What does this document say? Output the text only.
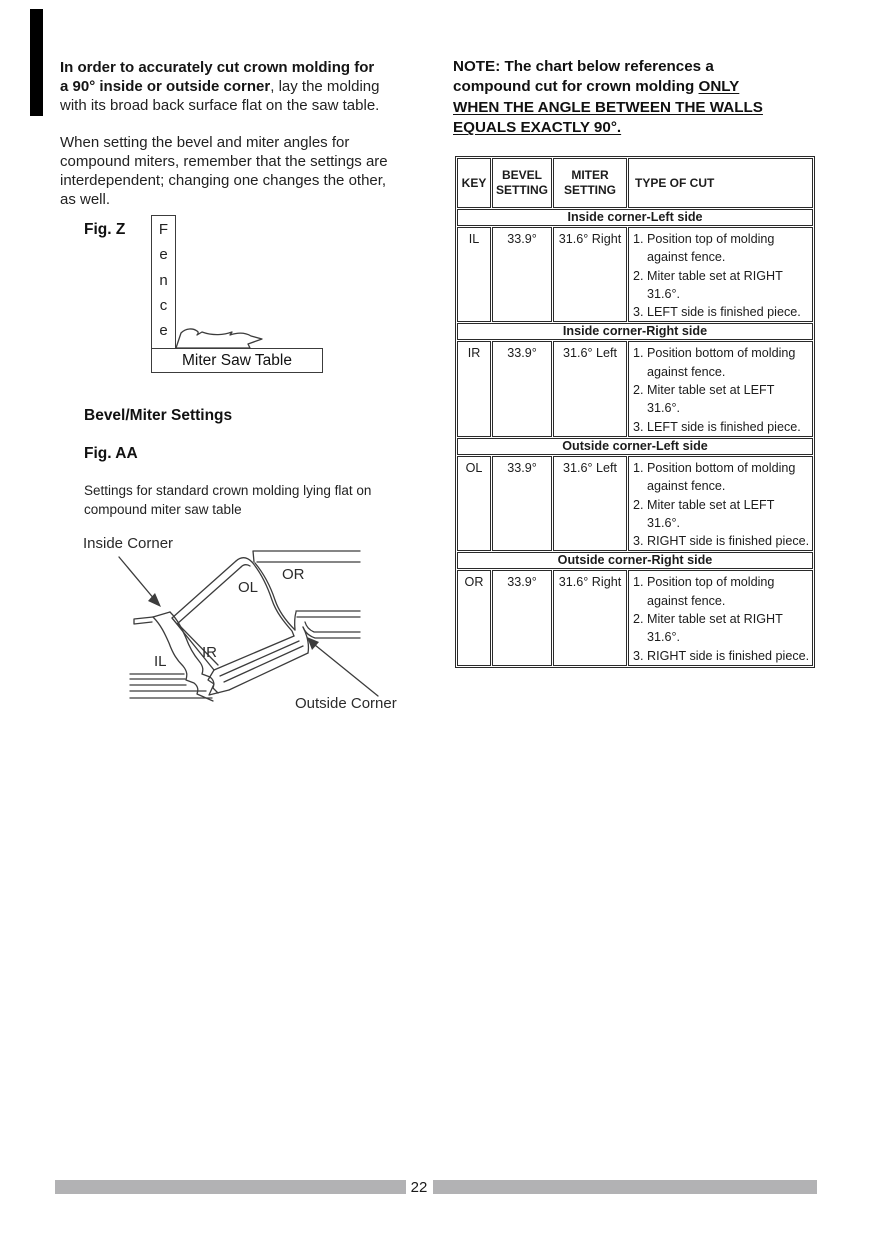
In order to accurately cut crown molding for
a 90° inside or outside corner, lay the molding
with its broad back surface flat on the saw table.
When setting the bevel and miter angles for
compound miters, remember that the settings are
interdependent; changing one changes the other,
as well.
Fig. Z F
e
n
c
e
Miter Saw Table
Bevel/Miter Settings
Fig. AA
Settings for standard crown molding lying flat on
compound miter saw table
Inside Corner
Outside Corner
OR
OL
IR
IL
NOTE: The chart below references a
compound cut for crown molding ONLY
WHEN THE ANGLE BETWEEN THE WALLS
EQUALS EXACTLY 90°.
KEY	BEVEL SETTING	MITER SETTING	TYPE OF CUT
Inside corner-Left side			
IL	33.9°	31.6° Right	1. Position top of molding against fence.
2. Miter table set at RIGHT 31.6°.
3. LEFT side is finished piece.

Inside corner-Right side			
IR	33.9°	31.6° Left	1. Position bottom of molding against fence.
2. Miter table set at LEFT 31.6°.
3. LEFT side is finished piece.

Outside corner-Left side			
OL	33.9°	31.6° Left	1. Position bottom of molding against fence.
2. Miter table set at LEFT 31.6°.
3. RIGHT side is finished piece.

Outside corner-Right side			
OR	33.9°	31.6° Right	1. Position top of molding against fence.
2. Miter table set at RIGHT 31.6°.
3. RIGHT side is finished piece.
22
